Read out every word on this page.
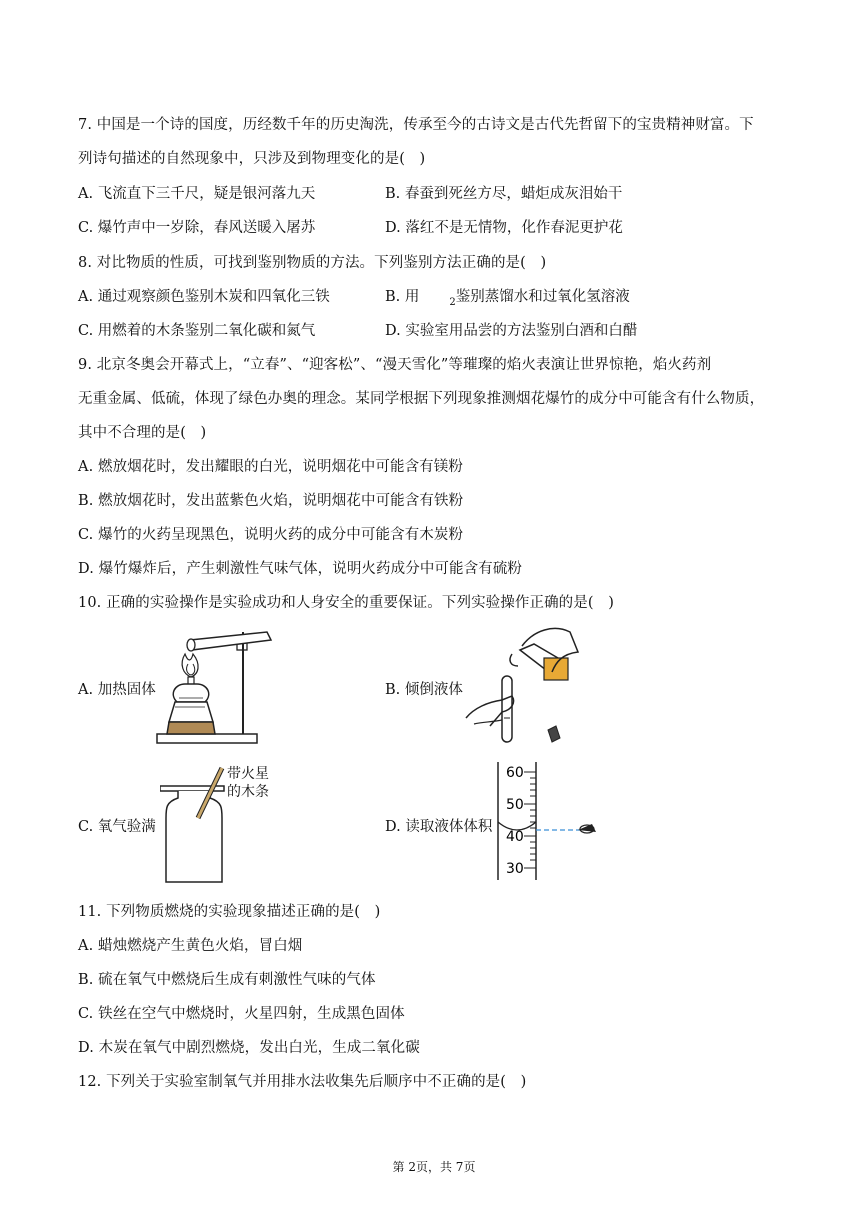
7. 中国是一个诗的国度，历经数千年的历史淘洗，传承至今的古诗文是古代先哲留下的宝贵精神财富。下
列诗句描述的自然现象中，只涉及到物理变化的是(　)
A. 飞流直下三千尺，疑是银河落九天	B. 春蚕到死丝方尽，蜡炬成灰泪始干
C. 爆竹声中一岁除，春风送暖入屠苏	D. 落红不是无情物，化作春泥更护花
8. 对比物质的性质，可找到鉴别物质的方法。下列鉴别方法正确的是(　)
A. 通过观察颜色鉴别木炭和四氧化三铁	B. 用	$_2$鉴别蒸馏水和过氧化氢溶液
C. 用燃着的木条鉴别二氧化碳和氮气	D. 实验室用品尝的方法鉴别白酒和白醋
9. 北京冬奥会开幕式上，“立春”、“迎客松”、“漫天雪化”等璀璨的焰火表演让世界惊艳，焰火药剂
无重金属、低硫，体现了绿色办奥的理念。某同学根据下列现象推测烟花爆竹的成分中可能含有什么物质，
其中不合理的是(　)
A. 燃放烟花时，发出耀眼的白光，说明烟花中可能含有镁粉
B. 燃放烟花时，发出蓝紫色火焰，说明烟花中可能含有铁粉
C. 爆竹的火药呈现黑色，说明火药的成分中可能含有木炭粉
D. 爆竹爆炸后，产生刺激性气味气体，说明火药成分中可能含有硫粉
10. 正确的实验操作是实验成功和人身安全的重要保证。下列实验操作正确的是(　)
A. 加热固体	B. 倾倒液体
C. 氧气验满	D. 读取液体体积
带火星
的木条
60
50
40
30
11. 下列物质燃烧的实验现象描述正确的是(　)
A. 蜡烛燃烧产生黄色火焰，冒白烟
B. 硫在氧气中燃烧后生成有刺激性气味的气体
C. 铁丝在空气中燃烧时，火星四射，生成黑色固体
D. 木炭在氧气中剧烈燃烧，发出白光，生成二氧化碳
12. 下列关于实验室制氧气并用排水法收集先后顺序中不正确的是(　)
第 2页，共 7页
